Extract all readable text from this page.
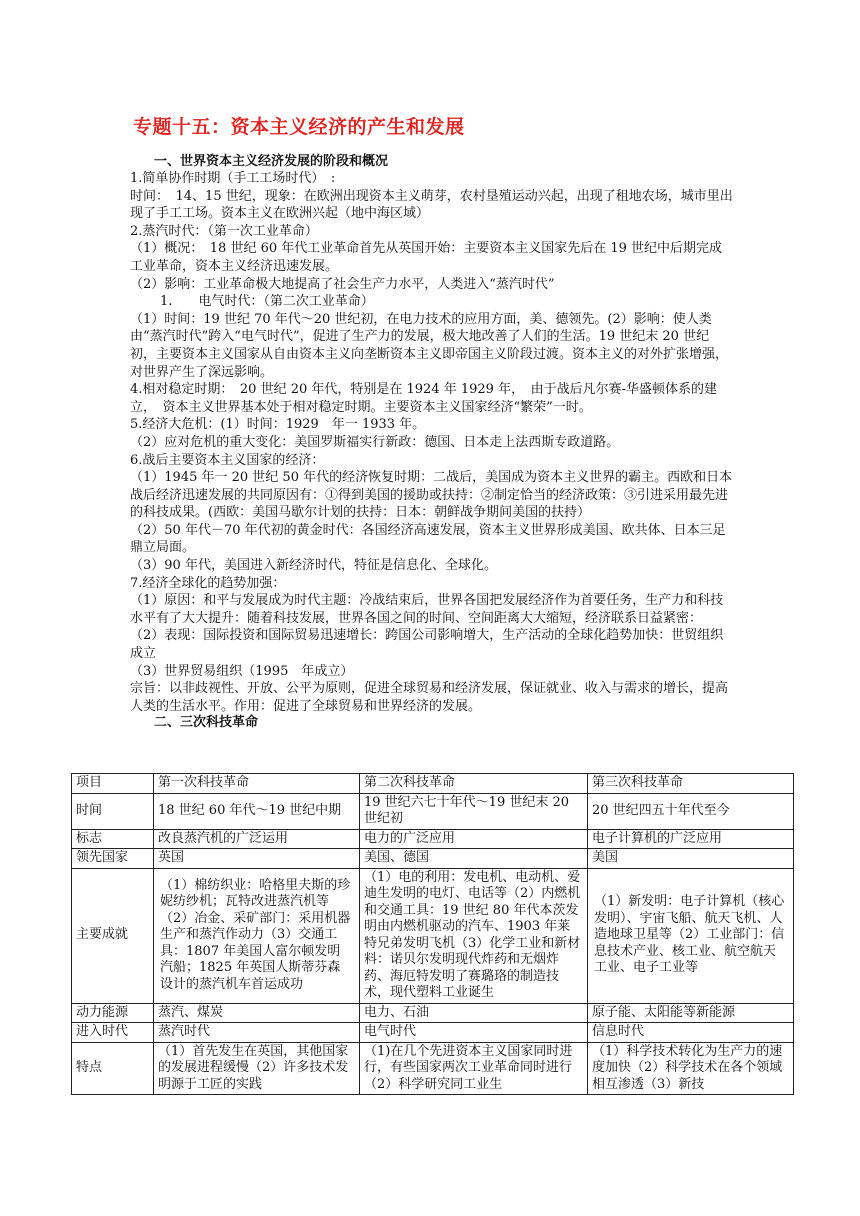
专题十五：资本主义经济的产生和发展
一、世界资本主义经济发展的阶段和概况

1.简单协作时期（手工工场时代）　:

时间：　14、15 世纪，现象：在欧洲出现资本主义萌芽，农村垦殖运动兴起，出现了租地农场，城市里出现了手工工场。资本主义在欧洲兴起（地中海区域）

2.蒸汽时代：（第一次工业革命）

（1）概况：　18 世纪 60 年代工业革命首先从英国开始：主要资本主义国家先后在 19 世纪中后期完成工业革命，资本主义经济迅速发展。

（2）影响：工业革命极大地提高了社会生产力水平，人类进入“蒸汽时代”

1.　　电气时代：（第二次工业革命）

（1）时间：19 世纪 70 年代～20 世纪初，在电力技术的应用方面，美、德领先。(2）影响：使人类由“蒸汽时代”跨入“电气时代”，促进了生产力的发展，极大地改善了人们的生活。19 世纪末 20 世纪初，主要资本主义国家从自由资本主义向垄断资本主义即帝国主义阶段过渡。资本主义的对外扩张增强，对世界产生了深远影响。

4.相对稳定时期：　20 世纪 20 年代，特别是在 1924 年 1929 年，　由于战后凡尔赛-华盛顿体系的建立，　资本主义世界基本处于相对稳定时期。主要资本主义国家经济“繁荣”一时。

5.经济大危机：(1）时间：1929　年一 1933 年。

（2）应对危机的重大变化：美国罗斯福实行新政：德国、日本走上法西斯专政道路。

6.战后主要资本主义国家的经济：

（1）1945 年一 20 世纪 50 年代的经济恢复时期：二战后，美国成为资本主义世界的霸主。西欧和日本战后经济迅速发展的共同原因有：①得到美国的援助或扶持：②制定恰当的经济政策：③引进采用最先进的科技成果。(西欧：美国马歇尔计划的扶持：日本：朝鲜战争期间美国的扶持）

（2）50 年代－70 年代初的黄金时代：各国经济高速发展，资本主义世界形成美国、欧共体、日本三足鼎立局面。

（3）90 年代，美国进入新经济时代，特征是信息化、全球化。

7.经济全球化的趋势加强：

（1）原因：和平与发展成为时代主题：冷战结束后，世界各国把发展经济作为首要任务，生产力和科技水平有了大大提升：随着科技发展，世界各国之间的时间、空间距离大大缩短，经济联系日益紧密：

（2）表现：国际投资和国际贸易迅速增长：跨国公司影响增大，生产活动的全球化趋势加快：世贸组织成立

（3）世界贸易组织（1995　年成立）

宗旨：以非歧视性、开放、公平为原则，促进全球贸易和经济发展，保证就业、收入与需求的增长，提高人类的生活水平。作用：促进了全球贸易和世界经济的发展。

二、三次科技革命
项目	第一次科技革命	第二次科技革命	第三次科技革命
时间	18 世纪 60 年代～19 世纪中期	19 世纪六七十年代～19 世纪末 20 世纪初	20 世纪四五十年代至今
标志	改良蒸汽机的广泛运用	电力的广泛应用	电子计算机的广泛应用
领先国家	英国	美国、德国	美国
主要成就	（1）棉纺织业：哈格里夫斯的珍妮纺纱机；瓦特改进蒸汽机等（2）冶金、采矿部门：采用机器生产和蒸汽作动力（3）交通工具：1807 年美国人富尔顿发明汽船；1825 年英国人斯蒂芬森设计的蒸汽机车首运成功	（1）电的利用：发电机、电动机、爱迪生发明的电灯、电话等（2）内燃机和交通工具：19 世纪 80 年代本茨发明由内燃机驱动的汽车、1903 年莱特兄弟发明飞机（3）化学工业和新材料：诺贝尔发明现代炸药和无烟炸药、海厄特发明了赛璐珞的制造技术，现代塑料工业诞生	（1）新发明：电子计算机（核心发明）、宇宙飞船、航天飞机、人造地球卫星等（2）工业部门：信息技术产业、核工业、航空航天工业、电子工业等
动力能源	蒸汽、煤炭	电力、石油	原子能、太阳能等新能源
进入时代	蒸汽时代	电气时代	信息时代
特点	（1）首先发生在英国，其他国家的发展进程缓慢（2）许多技术发明源于工匠的实践	（1)在几个先进资本主义国家同时进行，有些国家两次工业革命同时进行（2）科学研究同工业生	（1）科学技术转化为生产力的速度加快（2）科学技术在各个领域相互渗透（3）新技
